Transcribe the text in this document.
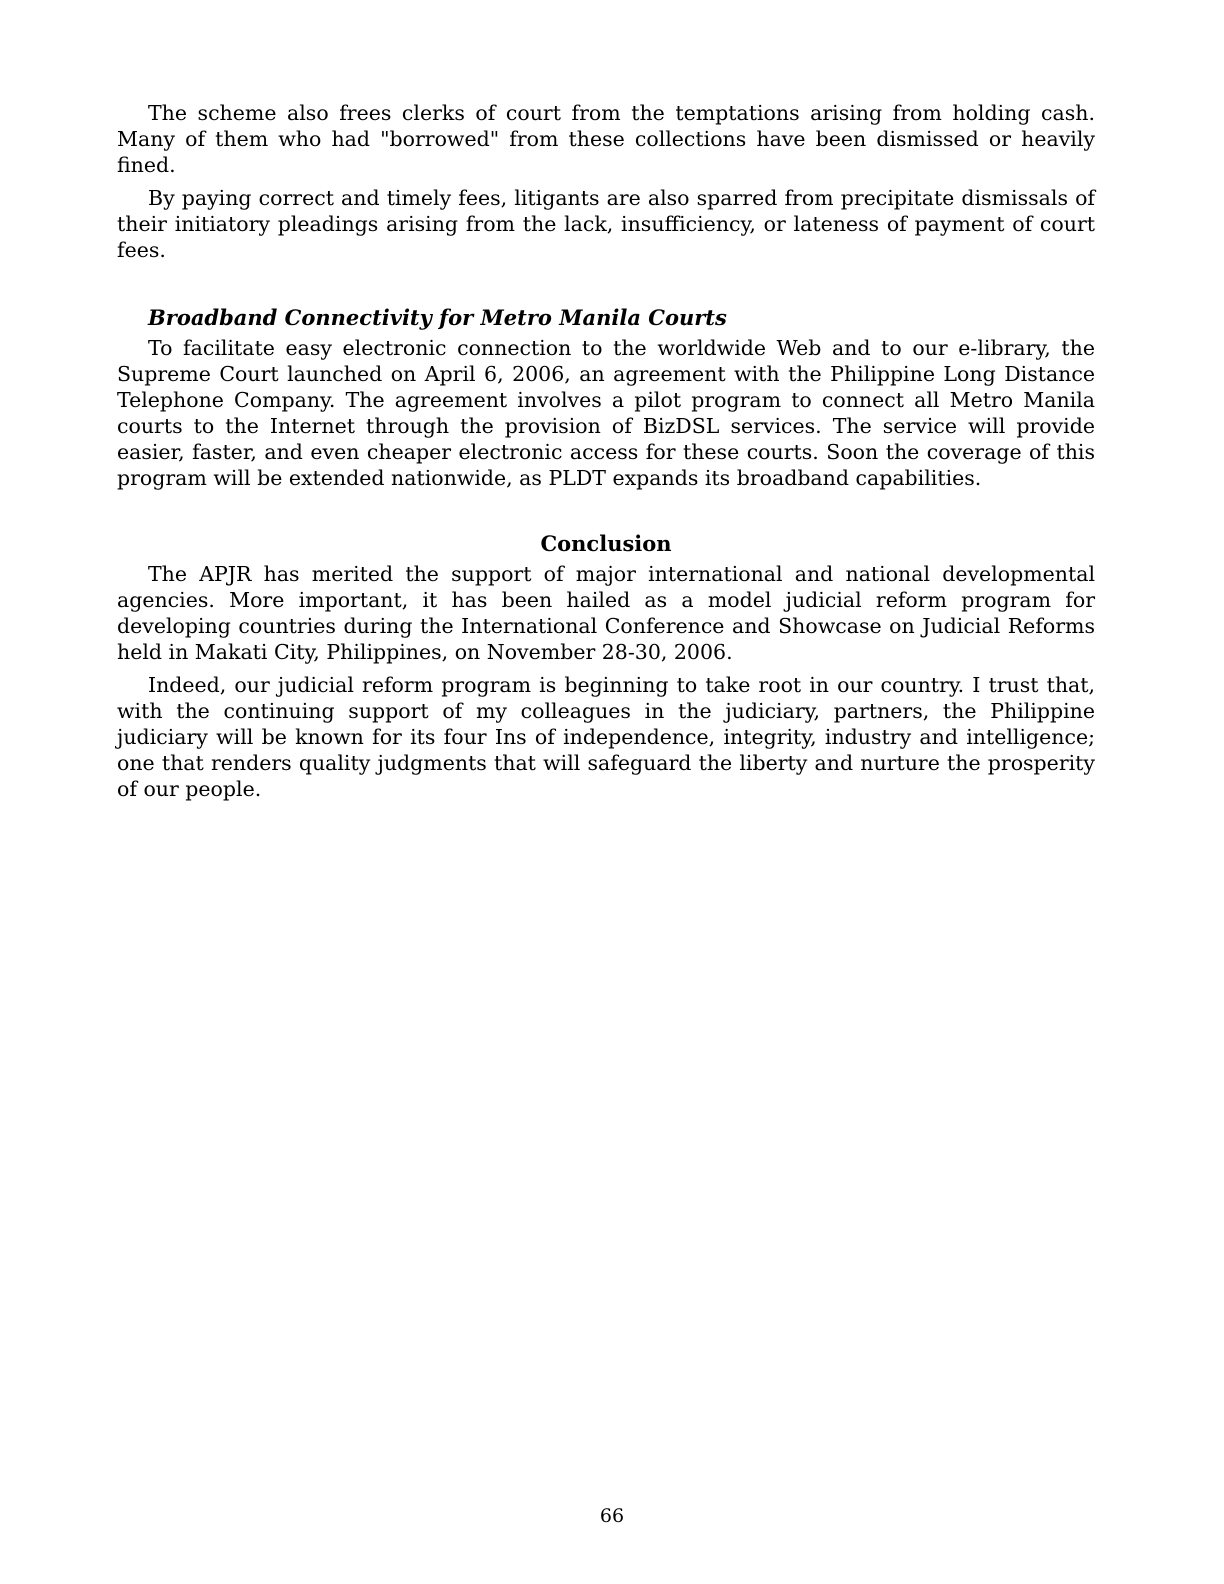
The scheme also frees clerks of court from the temptations arising from holding cash. Many of them who had "borrowed" from these collections have been dismissed or heavily fined.

By paying correct and timely fees, litigants are also sparred from precipitate dismissals of their initiatory pleadings arising from the lack, insufficiency, or lateness of payment of court fees.

Broadband Connectivity for Metro Manila Courts

To facilitate easy electronic connection to the worldwide Web and to our e-library, the Supreme Court launched on April 6, 2006, an agreement with the Philippine Long Distance Telephone Company. The agreement involves a pilot program to connect all Metro Manila courts to the Internet through the provision of BizDSL services. The service will provide easier, faster, and even cheaper electronic access for these courts. Soon the coverage of this program will be extended nationwide, as PLDT expands its broadband capabilities.

Conclusion

The APJR has merited the support of major international and national developmental agencies. More important, it has been hailed as a model judicial reform program for developing countries during the International Conference and Showcase on Judicial Reforms held in Makati City, Philippines, on November 28-30, 2006.

Indeed, our judicial reform program is beginning to take root in our country. I trust that, with the continuing support of my colleagues in the judiciary, partners, the Philippine judiciary will be known for its four Ins of independence, integrity, industry and intelligence; one that renders quality judgments that will safeguard the liberty and nurture the prosperity of our people.

66
